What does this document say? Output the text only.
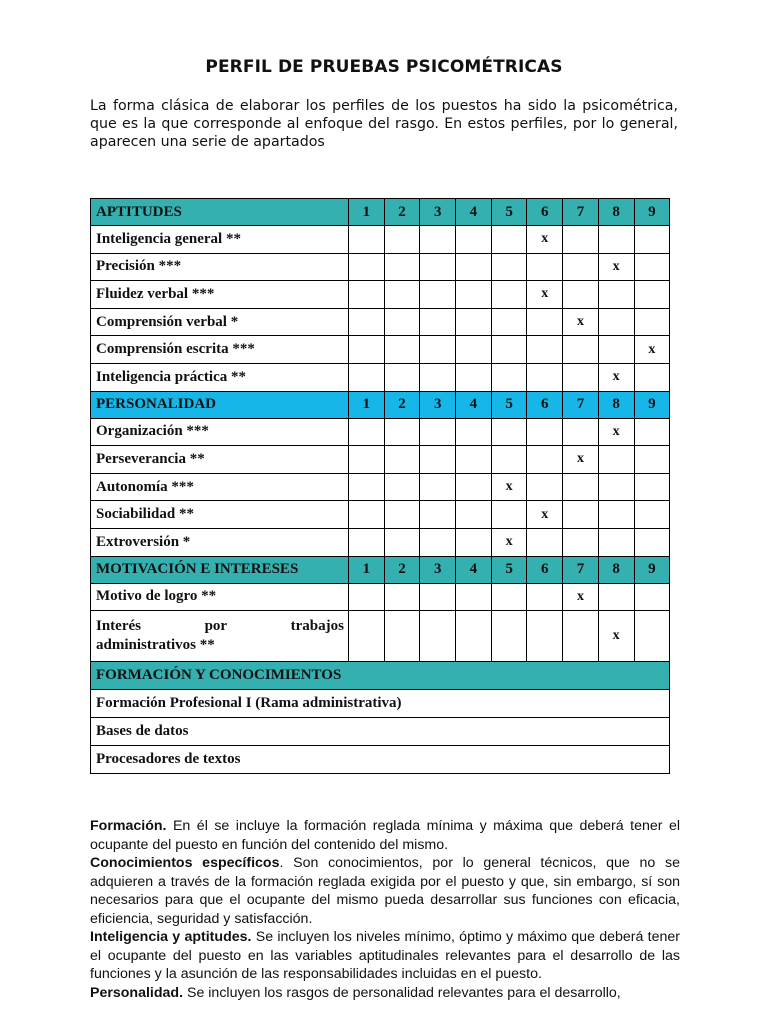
PERFIL DE PRUEBAS PSICOMÉTRICAS
La forma clásica de elaborar los perfiles de los puestos ha sido la psicométrica, que es la que corresponde al enfoque del rasgo. En estos perfiles, por lo general, aparecen una serie de apartados
APTITUDES	1	2	3	4	5	6	7	8	9
Inteligencia general **						x			
Precisión ***								x	
Fluidez verbal ***						x			
Comprensión verbal *							x		
Comprensión escrita ***									x
Inteligencia práctica **								x	
PERSONALIDAD	1	2	3	4	5	6	7	8	9
Organización ***								x	
Perseverancia **							x		
Autonomía ***					x				
Sociabilidad **						x			
Extroversión *					x				
MOTIVACIÓN E INTERESES	1	2	3	4	5	6	7	8	9
Motivo de logro **							x		

Interés por trabajos
administrativos **								x	
FORMACIÓN Y CONOCIMIENTOS									
Formación Profesional I (Rama administrativa)									
Bases de datos									
Procesadores de textos									

Formación. En él se incluye la formación reglada mínima y máxima que deberá tener el ocupante del puesto en función del contenido del mismo.

Conocimientos específicos. Son conocimientos, por lo general técnicos, que no se adquieren a través de la formación reglada exigida por el puesto y que, sin embargo, sí son necesarios para que el ocupante del mismo pueda desarrollar sus funciones con eficacia, eficiencia, seguridad y satisfacción.

Inteligencia y aptitudes. Se incluyen los niveles mínimo, óptimo y máximo que deberá tener el ocupante del puesto en las variables aptitudinales relevantes para el desarrollo de las funciones y la asunción de las responsabilidades incluidas en el puesto.

Personalidad. Se incluyen los rasgos de personalidad relevantes para el desarrollo,
